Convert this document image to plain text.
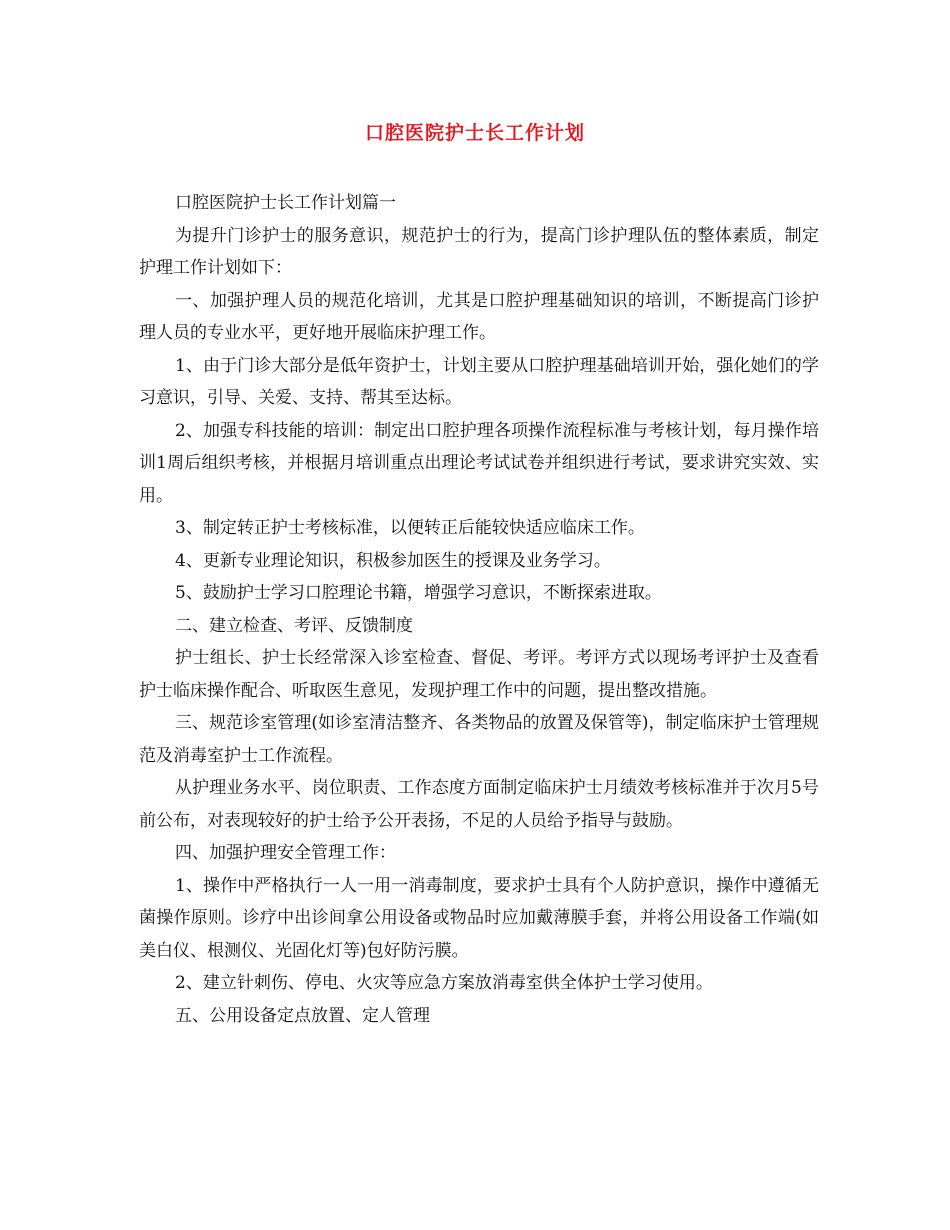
口腔医院护士长工作计划

口腔医院护士长工作计划篇一

为提升门诊护士的服务意识，规范护士的行为，提高门诊护理队伍的整体素质，制定护理工作计划如下：

一、加强护理人员的规范化培训，尤其是口腔护理基础知识的培训，不断提高门诊护理人员的专业水平，更好地开展临床护理工作。

1、由于门诊大部分是低年资护士，计划主要从口腔护理基础培训开始，强化她们的学习意识，引导、关爱、支持、帮其至达标。

2、加强专科技能的培训：制定出口腔护理各项操作流程标准与考核计划，每月操作培训1周后组织考核，并根据月培训重点出理论考试试卷并组织进行考试，要求讲究实效、实用。

3、制定转正护士考核标准，以便转正后能较快适应临床工作。

4、更新专业理论知识，积极参加医生的授课及业务学习。

5、鼓励护士学习口腔理论书籍，增强学习意识，不断探索进取。

二、建立检查、考评、反馈制度

护士组长、护士长经常深入诊室检查、督促、考评。考评方式以现场考评护士及查看护士临床操作配合、听取医生意见，发现护理工作中的问题，提出整改措施。

三、规范诊室管理(如诊室清洁整齐、各类物品的放置及保管等)，制定临床护士管理规范及消毒室护士工作流程。

从护理业务水平、岗位职责、工作态度方面制定临床护士月绩效考核标准并于次月5号前公布，对表现较好的护士给予公开表扬，不足的人员给予指导与鼓励。

四、加强护理安全管理工作：

1、操作中严格执行一人一用一消毒制度，要求护士具有个人防护意识，操作中遵循无菌操作原则。诊疗中出诊间拿公用设备或物品时应加戴薄膜手套，并将公用设备工作端(如美白仪、根测仪、光固化灯等)包好防污膜。

2、建立针刺伤、停电、火灾等应急方案放消毒室供全体护士学习使用。

五、公用设备定点放置、定人管理
